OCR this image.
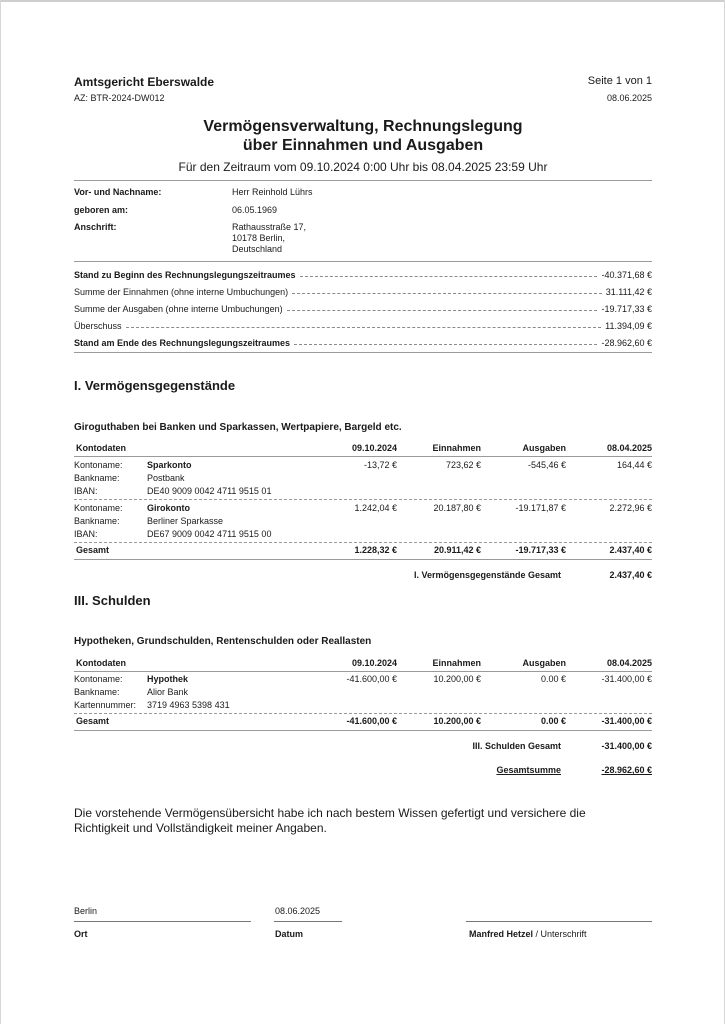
Amtsgericht Eberswalde	Seite 1 von 1
AZ: BTR-2024-DW012	08.06.2025
Vermögensverwaltung, Rechnungslegung
über Einnahmen und Ausgaben
Für den Zeitraum vom 09.10.2024 0:00 Uhr bis 08.04.2025 23:59 Uhr
Vor- und Nachname:	Herr Reinhold Lührs
geboren am:	06.05.1969
Anschrift:	Rathausstraße 17,
10178 Berlin,
Deutschland
Stand zu Beginn des Rechnungslegungszeitraumes	-40.371,68 €
Summe der Einnahmen (ohne interne Umbuchungen)	31.111,42 €
Summe der Ausgaben (ohne interne Umbuchungen)	-19.717,33 €
Überschuss	11.394,09 €
Stand am Ende des Rechnungslegungszeitraumes	-28.962,60 €
I. Vermögensgegenstände
Giroguthaben bei Banken und Sparkassen, Wertpapiere, Bargeld etc.
Kontodaten	09.10.2024	Einnahmen	Ausgaben	08.04.2025
Kontoname:	Sparkonto	-13,72 €	723,62 €	-545,46 €	164,44 €
Bankname:	Postbank
IBAN:	DE40 9009 0042 4711 9515 01
Kontoname:	Girokonto	1.242,04 €	20.187,80 €	-19.171,87 €	2.272,96 €
Bankname:	Berliner Sparkasse
IBAN:	DE67 9009 0042 4711 9515 00
Gesamt	1.228,32 €	20.911,42 €	-19.717,33 €	2.437,40 €
I. Vermögensgegenstände Gesamt	2.437,40 €
III. Schulden
Hypotheken, Grundschulden, Rentenschulden oder Reallasten
Kontodaten	09.10.2024	Einnahmen	Ausgaben	08.04.2025
Kontoname:	Hypothek	-41.600,00 €	10.200,00 €	0.00 €	-31.400,00 €
Bankname:	Alior Bank
Kartennummer: 3719 4963 5398 431
Gesamt	-41.600,00 €	10.200,00 €	0.00 €	-31.400,00 €
III. Schulden Gesamt	-31.400,00 €
Gesamtsumme	-28.962,60 €
Die vorstehende Vermögensübersicht habe ich nach bestem Wissen gefertigt und versichere die
Richtigkeit und Vollständigkeit meiner Angaben.
Berlin
Ort
08.06.2025
Datum	Manfred Hetzel / Unterschrift
